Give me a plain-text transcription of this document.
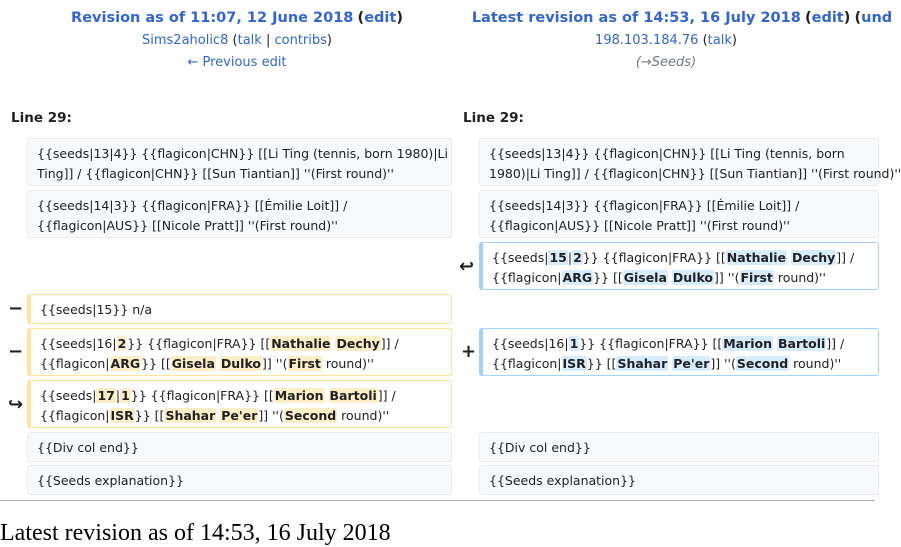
Revision as of 11:07, 12 June 2018 (edit)
Sims2aholic8 (talk | contribs)
← Previous edit
Latest revision as of 14:53, 16 July 2018 (edit) (und
198.103.184.76 (talk)
(→Seeds)
Line 29:	Line 29:
{{seeds|13|4}} {{flagicon|CHN}} [[Li Ting (tennis, born 1980)|Li
Ting]] / {{flagicon|CHN}} [[Sun Tiantian]] ''(First round)''
{{seeds|14|3}} {{flagicon|FRA}} [[Émilie Loit]] /
{{flagicon|AUS}} [[Nicole Pratt]] ''(First round)''
− {{seeds|15}} n/a
− {{seeds|16|2}} {{flagicon|FRA}} [[Nathalie Dechy]] /
{{flagicon|ARG}} [[Gisela Dulko]] ''(First round)''
↪ {{seeds|17|1}} {{flagicon|FRA}} [[Marion Bartoli]] /
{{flagicon|ISR}} [[Shahar Pe'er]] ''(Second round)''
{{Div col end}}
{{Seeds explanation}}
{{seeds|13|4}} {{flagicon|CHN}} [[Li Ting (tennis, born
1980)|Li Ting]] / {{flagicon|CHN}} [[Sun Tiantian]] ''(First round)''
{{seeds|14|3}} {{flagicon|FRA}} [[Émilie Loit]] /
{{flagicon|AUS}} [[Nicole Pratt]] ''(First round)''
↩ {{seeds|15|2}} {{flagicon|FRA}} [[Nathalie Dechy]] /
{{flagicon|ARG}} [[Gisela Dulko]] ''(First round)''
+ {{seeds|16|1}} {{flagicon|FRA}} [[Marion Bartoli]] /
{{flagicon|ISR}} [[Shahar Pe'er]] ''(Second round)''
{{Div col end}}
{{Seeds explanation}}
Latest revision as of 14:53, 16 July 2018
